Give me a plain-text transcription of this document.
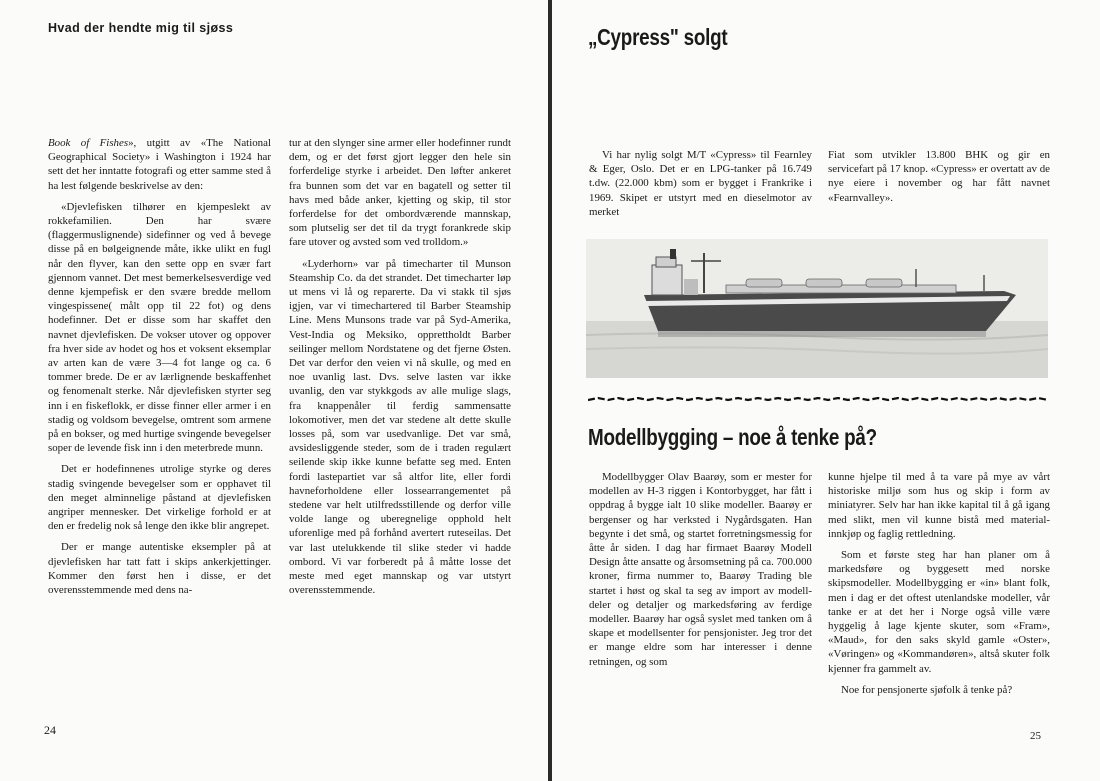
Hvad der hendte mig til sjøss

Book of Fishes», utgitt av «The National Geographical Society» i Washington i 1924 har sett det her inntatte fotografi og etter samme sted å ha lest følgende beskrivelse av den:

«Djevlefisken tilhører en kjempeslekt av rokkefamilien. Den har svære (flaggermuslignende) sidefinner og ved å bevege disse på en bølgeignende måte, ikke ulikt en fugl når den flyver, kan den sette opp en svær fart gjennom vannet. Det mest bemerkelsesverdige ved denne kjempefisk er den svære bredde mellom vingespissene( målt opp til 22 fot) og dens hodefinner. Det er disse som har skaffet den navnet djevlefisken. De vokser utover og oppover fra hver side av hodet og hos et voksent eksemplar av arten kan de være 3—4 fot lange og ca. 6 tommer brede. De er av lærlignende beskaffenhet og fenomenalt sterke. Når djevlefisken styrter seg inn i en fiskeflokk, er disse finner eller armer i en stadig og voldsom bevegelse, omtrent som armene på en bokser, og med hurtige svingende bevegelser soper de levende fisk inn i den meterbrede munn.

Det er hodefinnenes utrolige styrke og deres stadig svingende bevegelser som er opphavet til den meget alminnelige påstand at djevlefisken angriper mennesker. Det virkelige forhold er at den er fredelig nok så lenge den ikke blir angrepet.

Der er mange autentiske eksempler på at djevlefisken har tatt fatt i skips ankerkjettinger. Kommer den først hen i disse, er det overensstemmende med dens na-

tur at den slynger sine armer eller hodefinner rundt dem, og er det først gjort legger den hele sin forferdelige styrke i arbeidet. Den løfter ankeret fra bunnen som det var en bagatell og setter til havs med både anker, kjetting og skip, til stor forferdelse for det ombordværende mannskap, som plutselig ser det til da trygt forankrede skip fare utover og avsted som ved trolldom.»

«Lyderhorn» var på timecharter til Munson Steamship Co. da det strandet. Det timecharter løp ut mens vi lå og reparerte. Da vi stakk til sjøs igjen, var vi timechartered til Barber Steamship Line. Mens Munsons trade var på Syd-Amerika, Vest-India og Meksiko, opprettholdt Barber seilinger mellom Nordstatene og det fjerne Østen. Det var derfor den veien vi nå skulle, og med en noe uvanlig last. Dvs. selve lasten var ikke uvanlig, den var stykkgods av alle mulige slags, fra knappenåler til ferdig sammensatte lokomotiver, men det var stedene alt dette skulle losses på, som var usedvanlige. Det var små, avsidesliggende steder, som de i traden regulært seilende skip ikke kunne befatte seg med. Enten fordi lastepartiet var så altfor lite, eller fordi havneforholdene eller lossearrangementet på stedene var helt utilfredsstillende og derfor ville volde lange og uberegnelige opphold helt uforenlige med på forhånd avertert ruteseilas. Det var last utelukkende til slike steder vi hadde ombord. Vi var forberedt på å måtte losse det meste med eget mannskap og var utstyrt overensstemmende.

24
„Cypress" solgt

Vi har nylig solgt M/T «Cypress» til Fearnley & Eger, Oslo. Det er en LPG-tanker på 16.749 t.dw. (22.000 kbm) som er bygget i Frankrike i 1969. Skipet er utstyrt med en dieselmotor av merket

Fiat som utvikler 13.800 BHK og gir en servicefart på 17 knop. «Cypress» er overtatt av de nye eiere i november og har fått navnet «Fearnvalley».

Modellbygging – noe å tenke på?

Modellbygger Olav Baarøy, som er mester for modellen av H-3 riggen i Kontorbygget, har fått i oppdrag å bygge ialt 10 slike modeller. Baarøy er bergenser og har verksted i Nygårdsgaten. Han begynte i det små, og startet forretningsmessig for åtte år siden. I dag har firmaet Baarøy Modell Design åtte ansatte og årsomsetning på ca. 700.000 kroner, firma nummer to, Baarøy Trading ble startet i høst og skal ta seg av import av modell-deler og detaljer og markedsføring av ferdige modeller. Baarøy har også syslet med tanken om å skape et modellsenter for pensjonister. Jeg tror det er mange eldre som har interesser i denne retningen, og som

kunne hjelpe til med å ta vare på mye av vårt historiske miljø som hus og skip i form av miniatyrer. Selv har han ikke kapital til å gå igang med slikt, men vil kunne bistå med material-innkjøp og faglig rettledning.

Som et første steg har han planer om å markedsføre og byggesett med norske skipsmodeller. Modellbygging er «in» blant folk, men i dag er det oftest utenlandske modeller, vår tanke er at det her i Norge også ville være hyggelig å lage kjente skuter, som «Fram», «Maud», for den saks skyld gamle «Oster», «Vøringen» og «Kommandøren», altså skuter folk kjenner fra gammelt av.

Noe for pensjonerte sjøfolk å tenke på?

25
